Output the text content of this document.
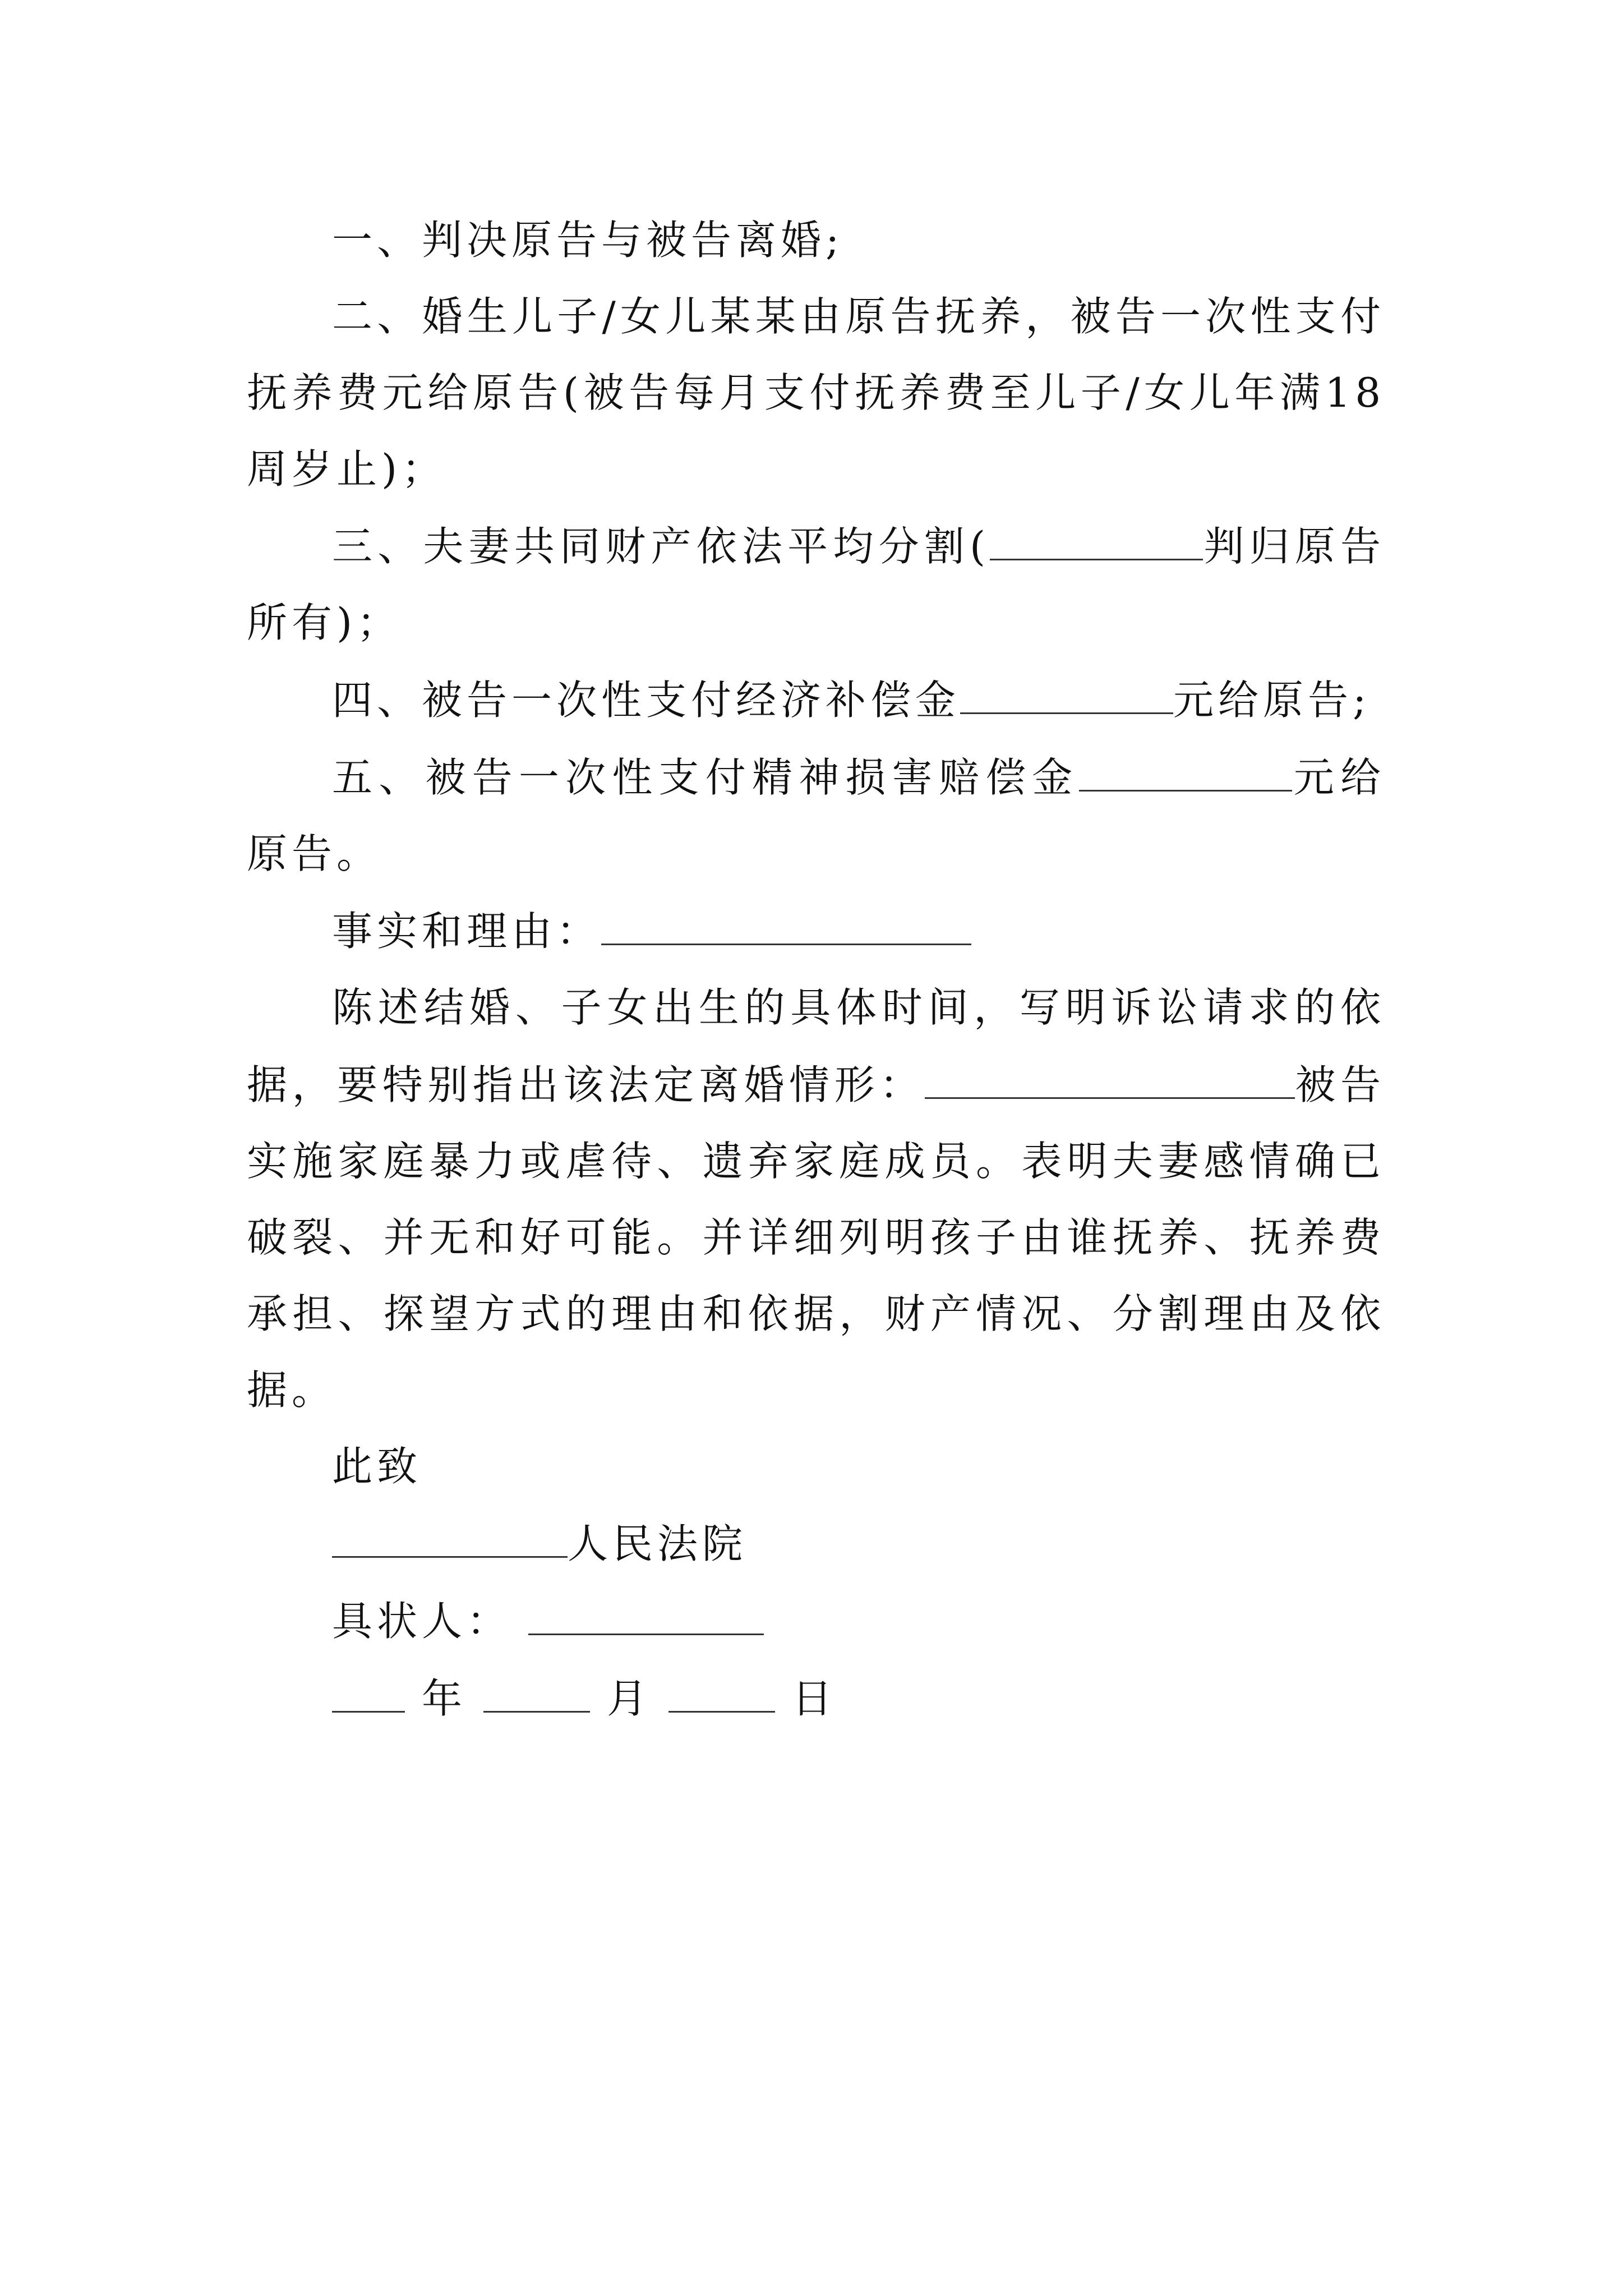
一、判决原告与被告离婚;

二、婚生儿子/女儿某某由原告抚养，被告一次性支付抚养费元给原告(被告每月支付抚养费至儿子/女儿年满18周岁止)；

三、夫妻共同财产依法平均分割(	判归原告所有)；

四、被告一次性支付经济补偿金	元给原告;

五、被告一次性支付精神损害赔偿金	元给原告。

事实和理由：

陈述结婚、子女出生的具体时间，写明诉讼请求的依据，要特别指出该法定离婚情形：	被告实施家庭暴力或虐待、遗弃家庭成员。表明夫妻感情确已破裂、并无和好可能。并详细列明孩子由谁抚养、抚养费承担、探望方式的理由和依据，财产情况、分割理由及依据。

此致

人民法院

具状人：

年	月	日
